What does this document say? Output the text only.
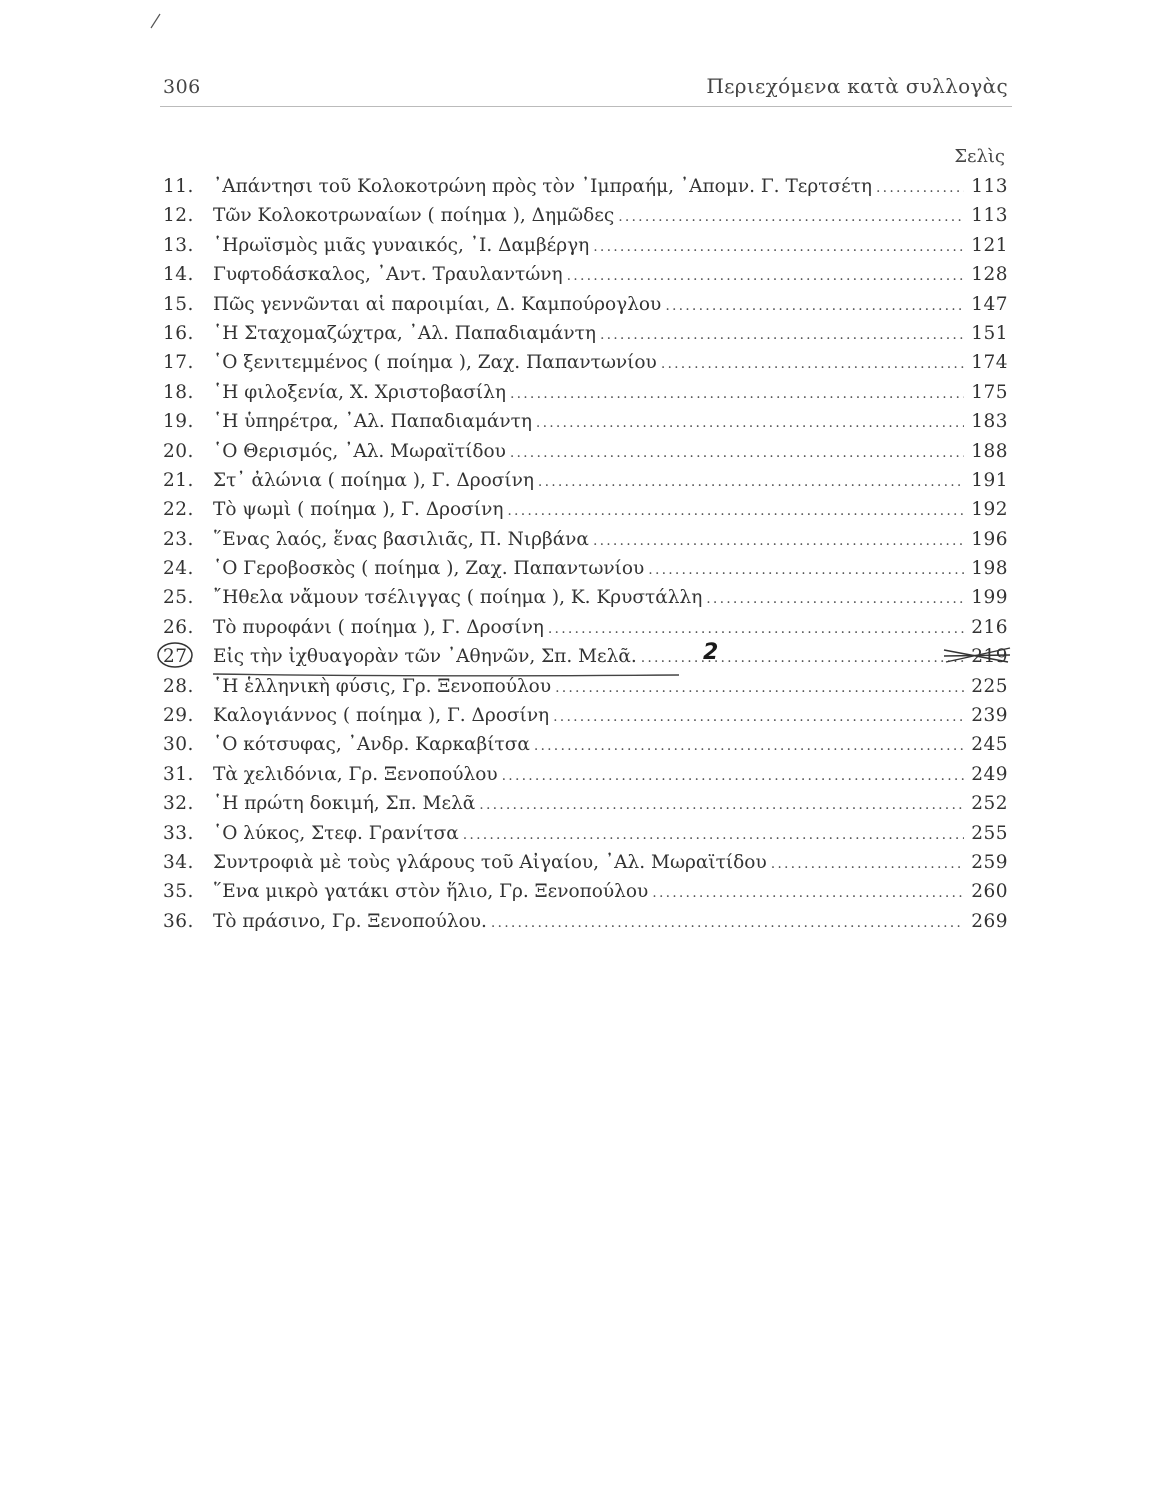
306	Περιεχόμενα κατὰ συλλογὰς
Σελὶς
11.	᾿Απάντησι τοῦ Κολοκοτρώνη πρὸς τὸν ᾿Ιμπραήμ, ᾿Απομν. Γ. Τερτσέτη .....	113
12.	Τῶν Κολοκοτρωναίων ( ποίημα ), Δημῶδες .....	113
13.	῾Ηρωϊσμὸς μιᾶς γυναικός, ᾿Ι. Δαμβέργη .....	121
14.	Γυφτοδάσκαλος, ᾿Αντ. Τραυλαντώνη .....	128
15.	Πῶς γεννῶνται αἱ παροιμίαι, Δ. Καμπούρογλου .....	147
16.	῾Η Σταχομαζώχτρα, ᾿Αλ. Παπαδιαμάντη .....	151
17.	῾Ο ξενιτεμμένος ( ποίημα ), Ζαχ. Παπαντωνίου .....	174
18.	῾Η φιλοξενία, Χ. Χριστοβασίλη .....	175
19.	῾Η ὑπηρέτρα, ᾿Αλ. Παπαδιαμάντη .....	183
20.	῾Ο Θερισμός, ᾿Αλ. Μωραϊτίδου .....	188
21.	Στ᾿ ἀλώνια ( ποίημα ), Γ. Δροσίνη .....	191
22.	Τὸ ψωμὶ ( ποίημα ), Γ. Δροσίνη .....	192
23.	῞Ενας λαός, ἕνας βασιλιᾶς, Π. Νιρβάνα .....	196
24.	῾Ο Γεροβοσκὸς ( ποίημα ), Ζαχ. Παπαντωνίου .....	198
25.	῎Ηθελα νἄμουν τσέλιγγας ( ποίημα ), Κ. Κρυστάλλη .....	199
26.	Τὸ πυροφάνι ( ποίημα ), Γ. Δροσίνη .....	216
27.	Εἰς τὴν ἰχθυαγορὰν τῶν ᾿Αθηνῶν, Σπ. Μελᾶ. .....	219
2
28.	῾Η ἑλληνικὴ φύσις, Γρ. Ξενοπούλου .....	225
29.	Καλογιάννος ( ποίημα ), Γ. Δροσίνη .....	239
30.	῾Ο κότσυφας, ᾿Ανδρ. Καρκαβίτσα .....	245
31.	Τὰ χελιδόνια, Γρ. Ξενοπούλου .....	249
32.	῾Η πρώτη δοκιμή, Σπ. Μελᾶ .....	252
33.	῾Ο λύκος, Στεφ. Γρανίτσα .....	255
34.	Συντροφιὰ μὲ τοὺς γλάρους τοῦ Αἰγαίου, ᾿Αλ. Μωραϊτίδου .....	259
35.	῞Ενα μικρὸ γατάκι στὸν ἥλιο, Γρ. Ξενοπούλου .....	260
36.	Τὸ πράσινο, Γρ. Ξενοπούλου. .....	269
